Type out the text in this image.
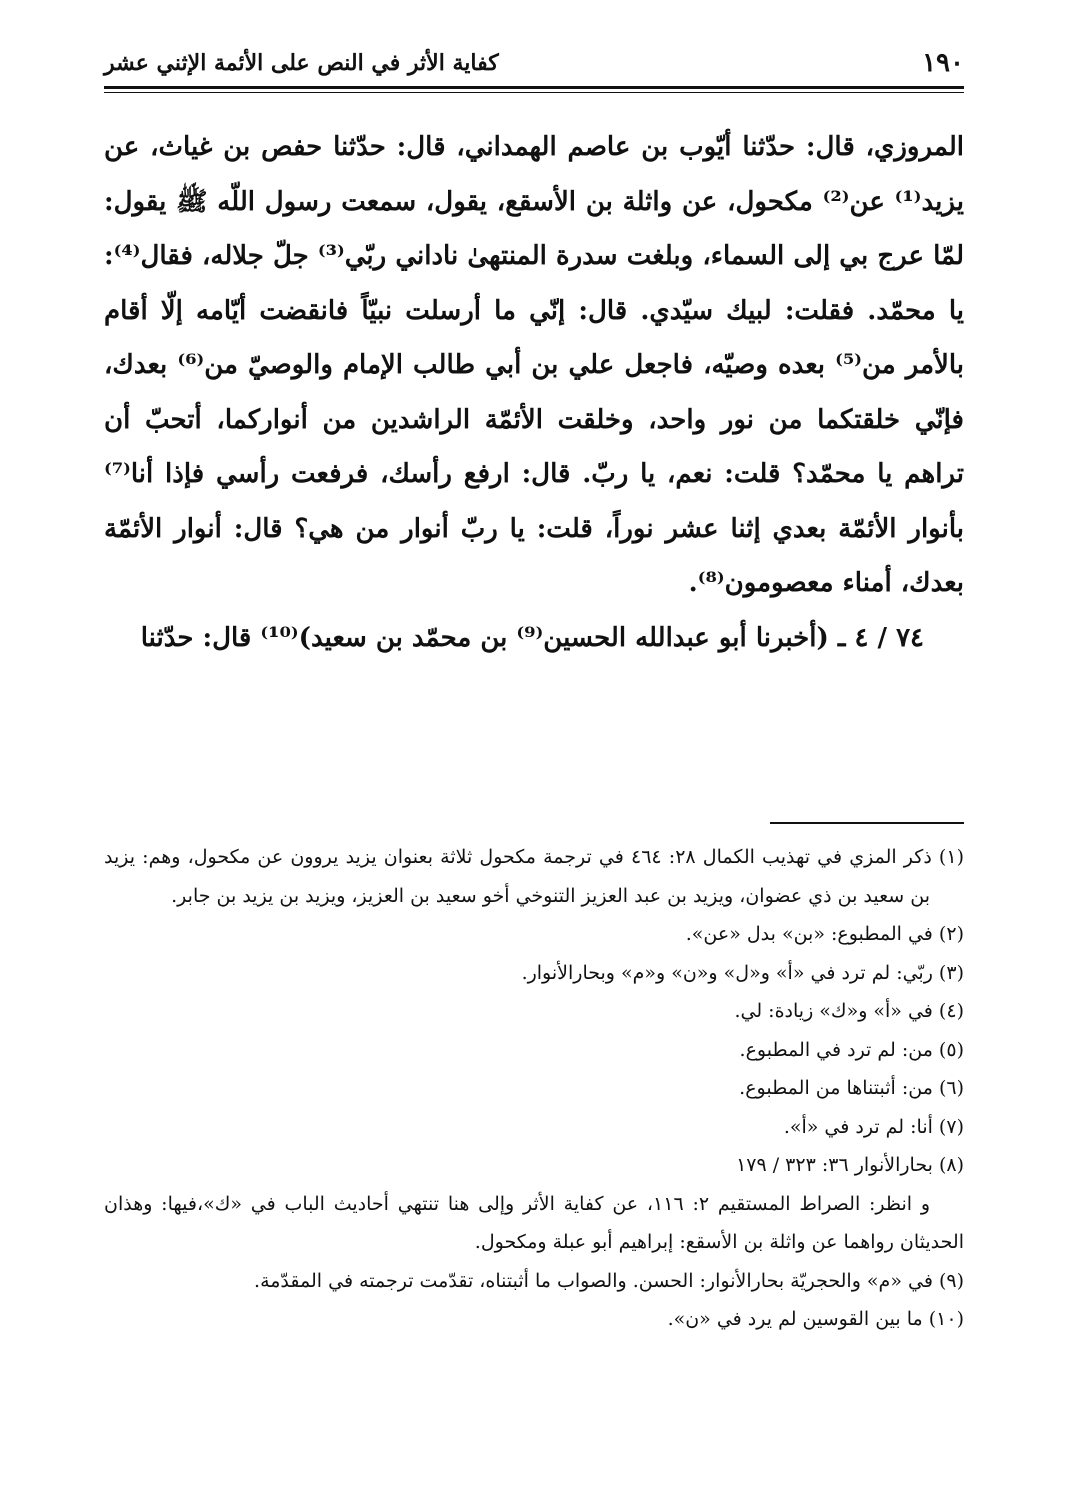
كفاية الأثر في النص على الأئمة الإثني عشر	١٩٠

المروزي، قال: حدّثنا أيّوب بن عاصم الهمداني، قال: حدّثنا حفص بن غياث، عن يزيد⁽¹⁾ عن⁽²⁾ مكحول، عن واثلة بن الأسقع، يقول، سمعت رسول اللّه ﷺ يقول: لمّا عرج بي إلى السماء، وبلغت سدرة المنتهىٰ ناداني ربّي⁽³⁾ جلّ جلاله، فقال⁽⁴⁾: يا محمّد. فقلت: لبيك سيّدي. قال: إنّي ما أرسلت نبيّاً فانقضت أيّامه إلّا أقام بالأمر من⁽⁵⁾ بعده وصيّه، فاجعل علي بن أبي طالب الإمام والوصيّ من⁽⁶⁾ بعدك، فإنّي خلقتكما من نور واحد، وخلقت الأئمّة الراشدين من أنواركما، أتحبّ أن تراهم يا محمّد؟ قلت: نعم، يا ربّ. قال: ارفع رأسك، فرفعت رأسي فإذا أنا⁽⁷⁾ بأنوار الأئمّة بعدي إثنا عشر نوراً، قلت: يا ربّ أنوار من هي؟ قال: أنوار الأئمّة بعدك، أمناء معصومون⁽⁸⁾.

٧٤ / ٤ ـ (أخبرنا أبو عبدالله الحسين⁽⁹⁾ بن محمّد بن سعيد)⁽¹⁰⁾ قال: حدّثنا

(١) ذكر المزي في تهذيب الكمال ٢٨: ٤٦٤ في ترجمة مكحول ثلاثة بعنوان يزيد يروون عن مكحول، وهم: يزيد بن سعيد بن ذي عضوان، ويزيد بن عبد العزيز التنوخي أخو سعيد بن العزيز، ويزيد بن يزيد بن جابر.

(٢) في المطبوع: «بن» بدل «عن».

(٣) ربّي: لم ترد في «أ» و«ل» و«ن» و«م» وبحارالأنوار.

(٤) في «أ» و«ك» زيادة: لي.

(٥) من: لم ترد في المطبوع.

(٦) من: أثبتناها من المطبوع.

(٧) أنا: لم ترد في «أ».

(٨) بحارالأنوار ٣٦: ٣٢٣ / ١٧٩

و انظر: الصراط المستقيم ٢: ١١٦، عن كفاية الأثر وإلى هنا تنتهي أحاديث الباب في «ك»،فيها: وهذان الحديثان رواهما عن واثلة بن الأسقع: إبراهيم أبو عبلة ومكحول.

(٩) في «م» والحجريّة بحارالأنوار: الحسن. والصواب ما أثبتناه، تقدّمت ترجمته في المقدّمة.

(١٠) ما بين القوسين لم يرد في «ن».
